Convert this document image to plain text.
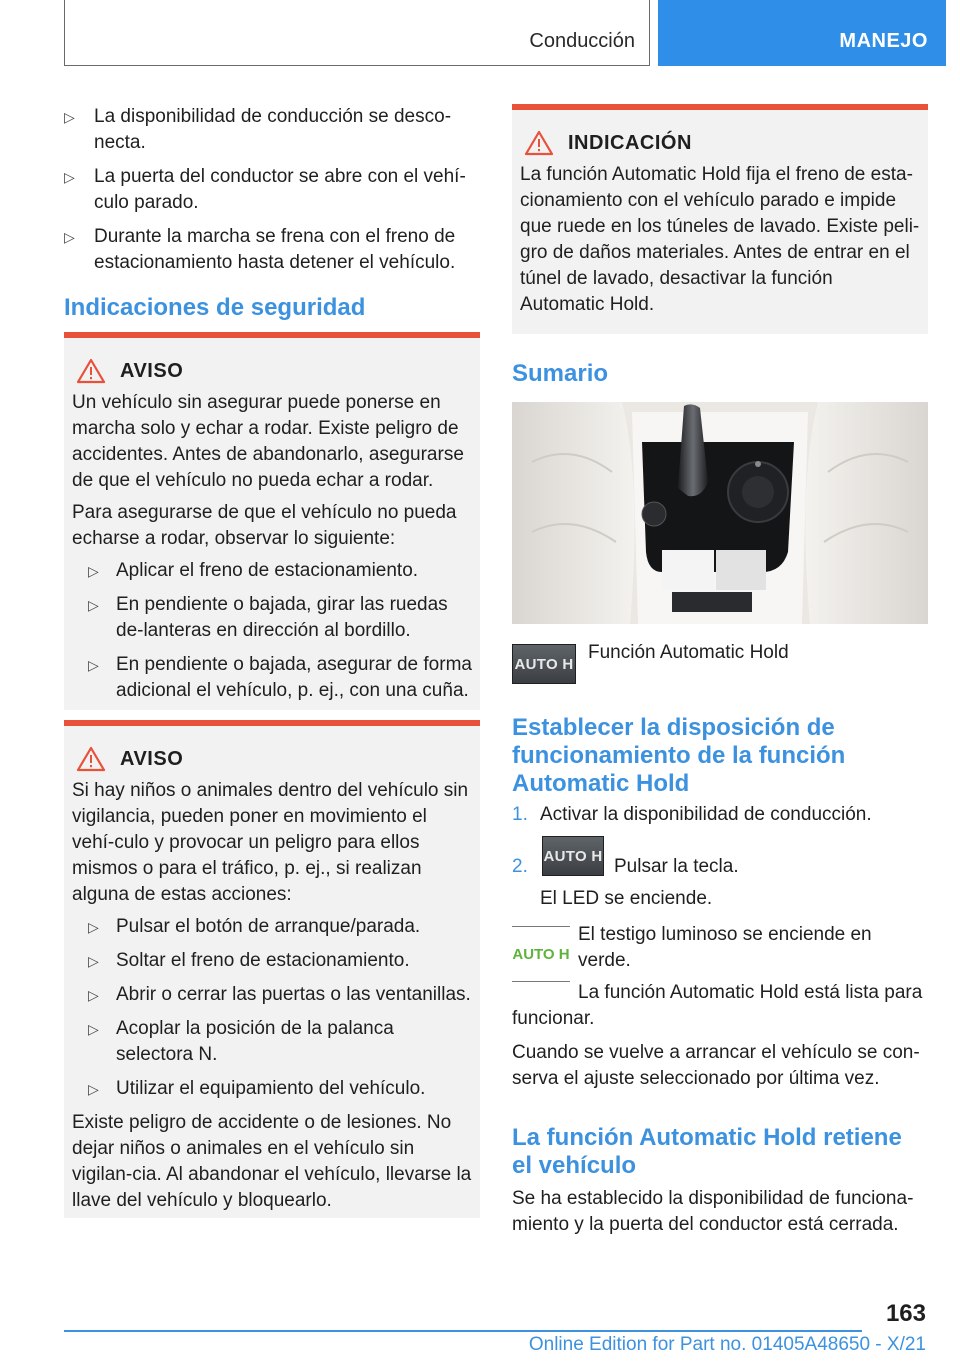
Conducción	MANEJO
▷ La disponibilidad de conducción se desco-necta.
▷ La puerta del conductor se abre con el vehí-culo parado.
▷ Durante la marcha se frena con el freno de estacionamiento hasta detener el vehículo.
Indicaciones de seguridad
AVISO

Un vehículo sin asegurar puede ponerse en marcha solo y echar a rodar. Existe peligro de accidentes. Antes de abandonarlo, asegurarse de que el vehículo no pueda echar a rodar.

Para asegurarse de que el vehículo no pueda echarse a rodar, observar lo siguiente:

▷ Aplicar el freno de estacionamiento.
▷ En pendiente o bajada, girar las ruedas de-lanteras en dirección al bordillo.
▷ En pendiente o bajada, asegurar de forma adicional el vehículo, p. ej., con una cuña.
AVISO

Si hay niños o animales dentro del vehículo sin vigilancia, pueden poner en movimiento el vehí-culo y provocar un peligro para ellos mismos o para el tráfico, p. ej., si realizan alguna de estas acciones:

▷ Pulsar el botón de arranque/parada.
▷ Soltar el freno de estacionamiento.
▷ Abrir o cerrar las puertas o las ventanillas.
▷ Acoplar la posición de la palanca selectora N.
▷ Utilizar el equipamiento del vehículo.

Existe peligro de accidente o de lesiones. No dejar niños o animales en el vehículo sin vigilan-cia. Al abandonar el vehículo, llevarse la llave del vehículo y bloquearlo.

INDICACIÓN

La función Automatic Hold fija el freno de esta-cionamiento con el vehículo parado e impide que ruede en los túneles de lavado. Existe peli-gro de daños materiales. Antes de entrar en el túnel de lavado, desactivar la función Automatic Hold.

Sumario
AUTO H
Función Automatic Hold
Establecer la disposición de funcionamiento de la función Automatic Hold
1. Activar la disponibilidad de conducción.
2. AUTO H Pulsar la tecla.
El LED se enciende.
AUTO H
El testigo luminoso se enciende en verde.
La función Automatic Hold está lista para funcionar.

Cuando se vuelve a arrancar el vehículo se con-serva el ajuste seleccionado por última vez.

La función Automatic Hold retiene el vehículo

Se ha establecido la disponibilidad de funciona-miento y la puerta del conductor está cerrada.

163
Online Edition for Part no. 01405A48650 - X/21
